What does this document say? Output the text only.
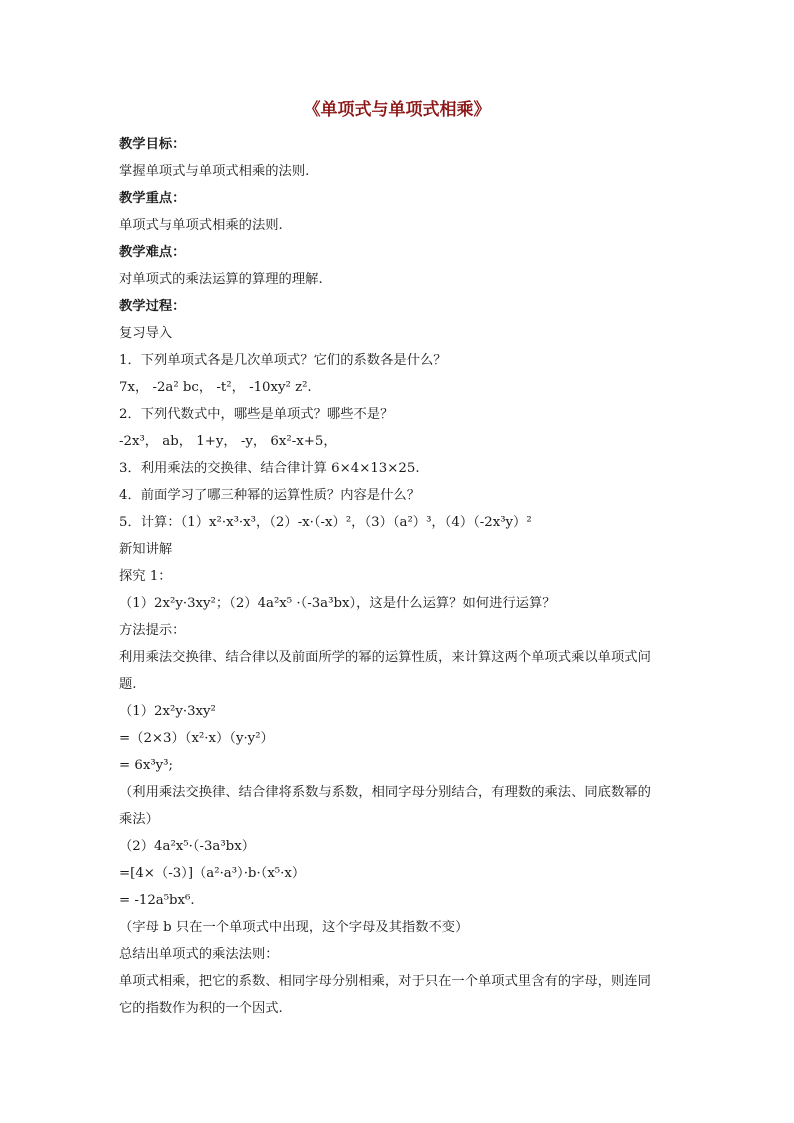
《单项式与单项式相乘》
教学目标：
掌握单项式与单项式相乘的法则.
教学重点：
单项式与单项式相乘的法则.
教学难点：
对单项式的乘法运算的算理的理解.
教学过程：
复习导入
1．下列单项式各是几次单项式？它们的系数各是什么？
7x， -2a² bc， -t²， -10xy² z².
2．下列代数式中，哪些是单项式？哪些不是？
-2x³， ab， 1+y， -y， 6x²-x+5，
3．利用乘法的交换律、结合律计算 6×4×13×25.
4．前面学习了哪三种幂的运算性质？内容是什么？
5．计算：（1）x²·x³·x³，（2）-x·（-x）²，（3）（a²）³，（4）（-2x³y）²
新知讲解
探究 1：
（1）2x²y·3xy²；（2）4a²x⁵ ·（-3a³bx），这是什么运算？如何进行运算？
方法提示：
利用乘法交换律、结合律以及前面所学的幂的运算性质，来计算这两个单项式乘以单项式问
题.
（1）2x²y·3xy²
=（2×3）（x²·x）（y·y²）
= 6x³y³;
（利用乘法交换律、结合律将系数与系数，相同字母分别结合，有理数的乘法、同底数幂的
乘法）
（2）4a²x⁵·（-3a³bx）
=[4×（-3）]（a²·a³）·b·（x⁵·x）
= -12a⁵bx⁶.
（字母 b 只在一个单项式中出现，这个字母及其指数不变）
总结出单项式的乘法法则：
单项式相乘，把它的系数、相同字母分别相乘，对于只在一个单项式里含有的字母，则连同
它的指数作为积的一个因式.
